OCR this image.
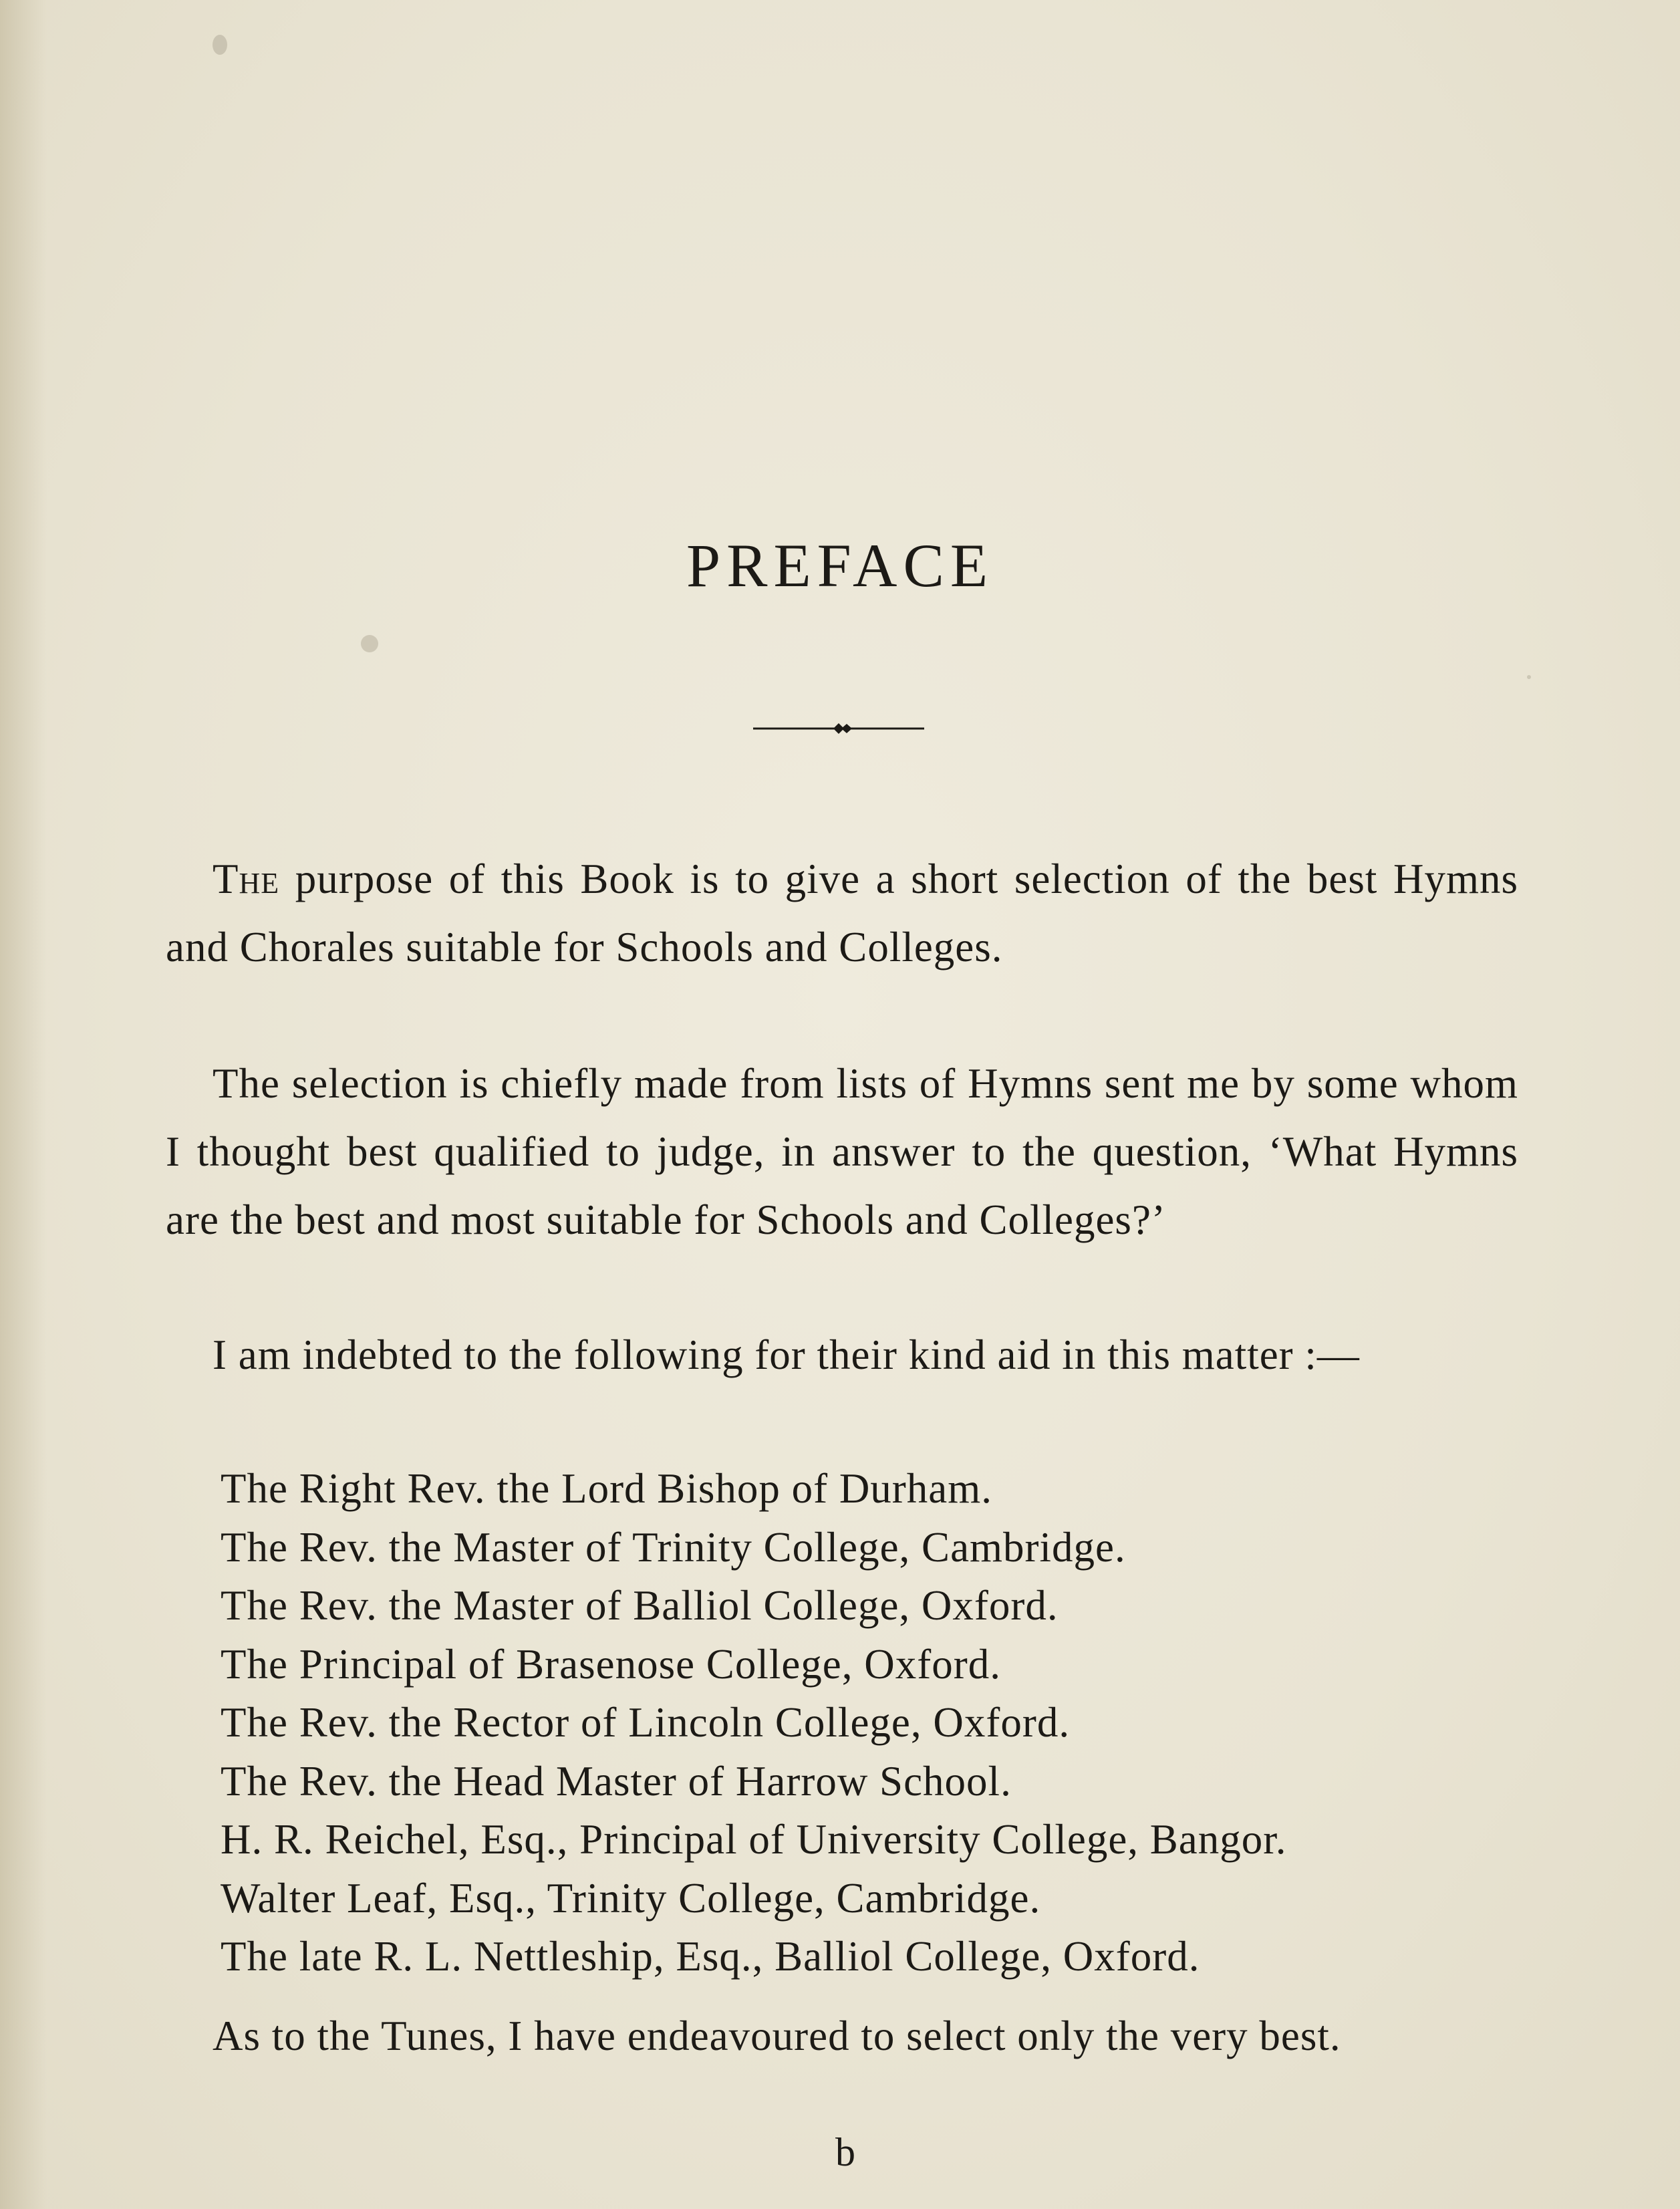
PREFACE

The purpose of this Book is to give a short selection of the best Hymns and Chorales suitable for Schools and Colleges.

The selection is chiefly made from lists of Hymns sent me by some whom I thought best qualified to judge, in answer to the question, ‘What Hymns are the best and most suitable for Schools and Colleges?’

I am indebted to the following for their kind aid in this matter :—

The Right Rev. the Lord Bishop of Durham.
The Rev. the Master of Trinity College, Cambridge.
The Rev. the Master of Balliol College, Oxford.
The Principal of Brasenose College, Oxford.
The Rev. the Rector of Lincoln College, Oxford.
The Rev. the Head Master of Harrow School.
H. R. Reichel, Esq., Principal of University College, Bangor.
Walter Leaf, Esq., Trinity College, Cambridge.
The late R. L. Nettleship, Esq., Balliol College, Oxford.

As to the Tunes, I have endeavoured to select only the very best.

b
